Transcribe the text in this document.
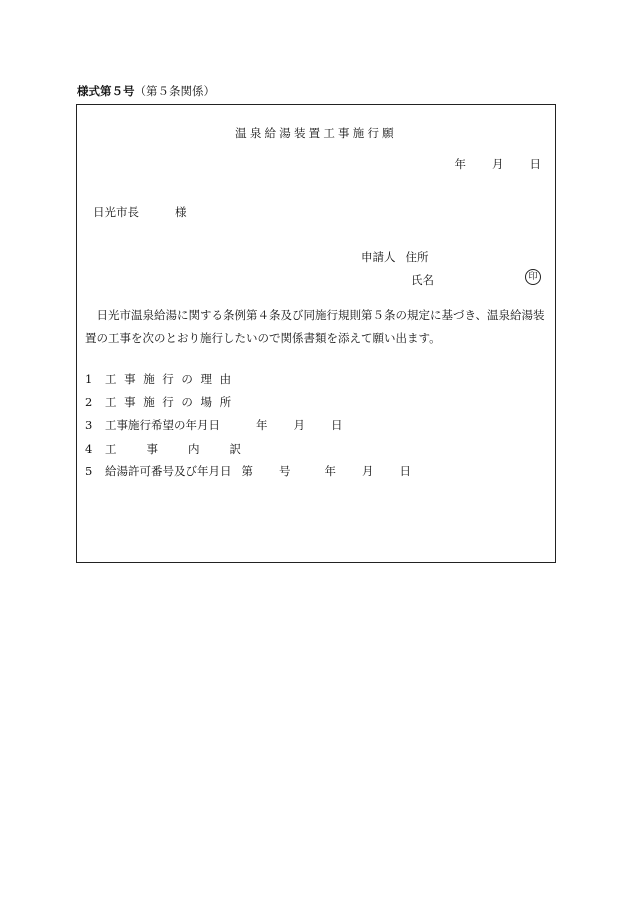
様式第５号（第５条関係）
温泉給湯装置工事施行願
年 月 日
日光市長	様
申請人 住所
氏名	印
日光市温泉給湯に関する条例第４条及び同施行規則第５条の規定に基づき、温泉給湯装置の工事を次のとおり施行したいので関係書類を添えて願い出ます。
1 工事施行の理由
2 工事施行の場所
3 工事施行希望の年月日	年 月 日
4 工事内訳
5 給湯許可番号及び年月日 第 号	年 月 日
